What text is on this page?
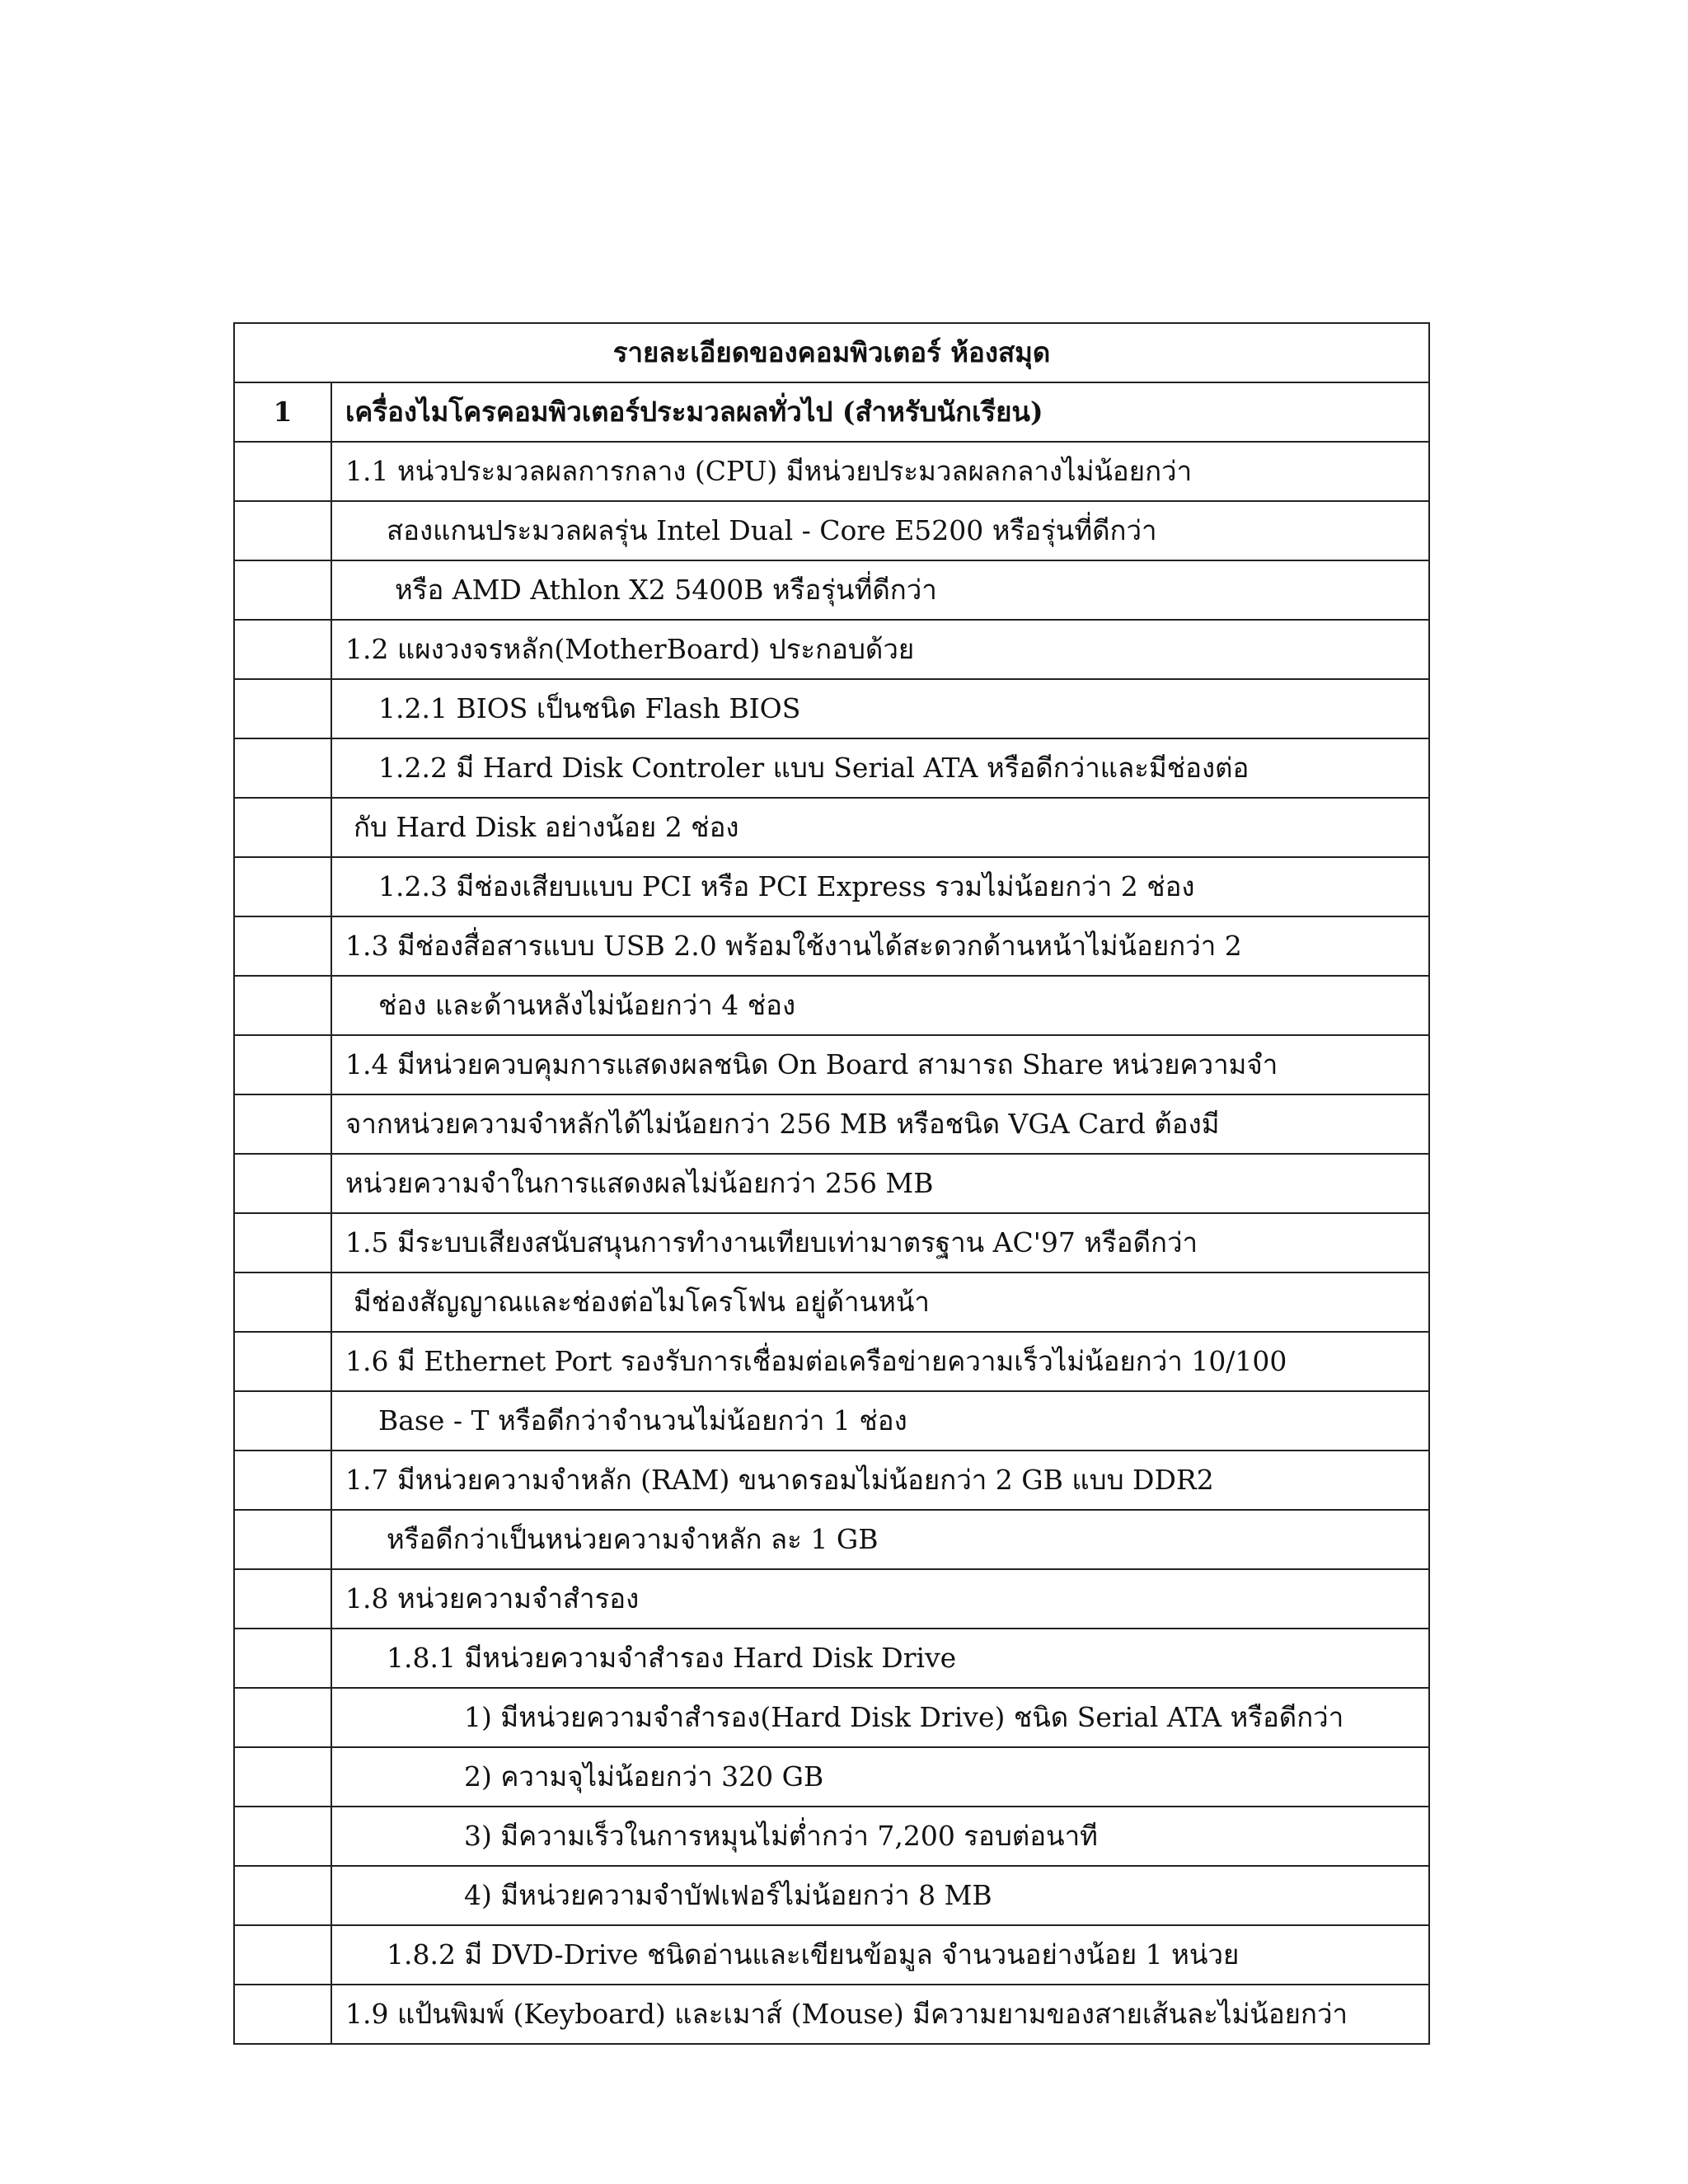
รายละเอียดของคอมพิวเตอร์ ห้องสมุด	
1	เครื่องไมโครคอมพิวเตอร์ประมวลผลทั่วไป (สำหรับนักเรียน)
	1.1 หน่วประมวลผลการกลาง (CPU) มีหน่วยประมวลผลกลางไม่น้อยกว่า
	สองแกนประมวลผลรุ่น Intel Dual - Core E5200 หรือรุ่นที่ดีกว่า
	หรือ AMD Athlon X2 5400B หรือรุ่นที่ดีกว่า
	1.2 แผงวงจรหลัก(MotherBoard) ประกอบด้วย
	1.2.1 BIOS เป็นชนิด Flash BIOS
	1.2.2 มี Hard Disk Controler แบบ Serial ATA หรือดีกว่าและมีช่องต่อ
	กับ Hard Disk อย่างน้อย 2 ช่อง
	1.2.3 มีช่องเสียบแบบ PCI หรือ PCI Express รวมไม่น้อยกว่า 2 ช่อง
	1.3 มีช่องสื่อสารแบบ USB 2.0 พร้อมใช้งานได้สะดวกด้านหน้าไม่น้อยกว่า 2
	ช่อง และด้านหลังไม่น้อยกว่า 4 ช่อง
	1.4 มีหน่วยควบคุมการแสดงผลชนิด On Board สามารถ Share หน่วยความจำ
	จากหน่วยความจำหลักได้ไม่น้อยกว่า 256 MB หรือชนิด VGA Card ต้องมี
	หน่วยความจำในการแสดงผลไม่น้อยกว่า 256 MB
	1.5 มีระบบเสียงสนับสนุนการทำงานเทียบเท่ามาตรฐาน AC'97 หรือดีกว่า
	มีช่องสัญญาณและช่องต่อไมโครโฟน อยู่ด้านหน้า
	1.6 มี Ethernet Port รองรับการเชื่อมต่อเครือข่ายความเร็วไม่น้อยกว่า 10/100
	Base - T หรือดีกว่าจำนวนไม่น้อยกว่า 1 ช่อง
	1.7 มีหน่วยความจำหลัก (RAM) ขนาดรอมไม่น้อยกว่า 2 GB แบบ DDR2
	หรือดีกว่าเป็นหน่วยความจำหลัก ละ 1 GB
	1.8 หน่วยความจำสำรอง
	1.8.1 มีหน่วยความจำสำรอง Hard Disk Drive
	1) มีหน่วยความจำสำรอง(Hard Disk Drive) ชนิด Serial ATA หรือดีกว่า
	2) ความจุไม่น้อยกว่า 320 GB
	3) มีความเร็วในการหมุนไม่ต่ำกว่า 7,200 รอบต่อนาที
	4) มีหน่วยความจำบัฟเฟอร์ไม่น้อยกว่า 8 MB
	1.8.2 มี DVD-Drive ชนิดอ่านและเขียนข้อมูล จำนวนอย่างน้อย 1 หน่วย
	1.9 แป้นพิมพ์ (Keyboard) และเมาส์ (Mouse) มีความยามของสายเส้นละไม่น้อยกว่า
